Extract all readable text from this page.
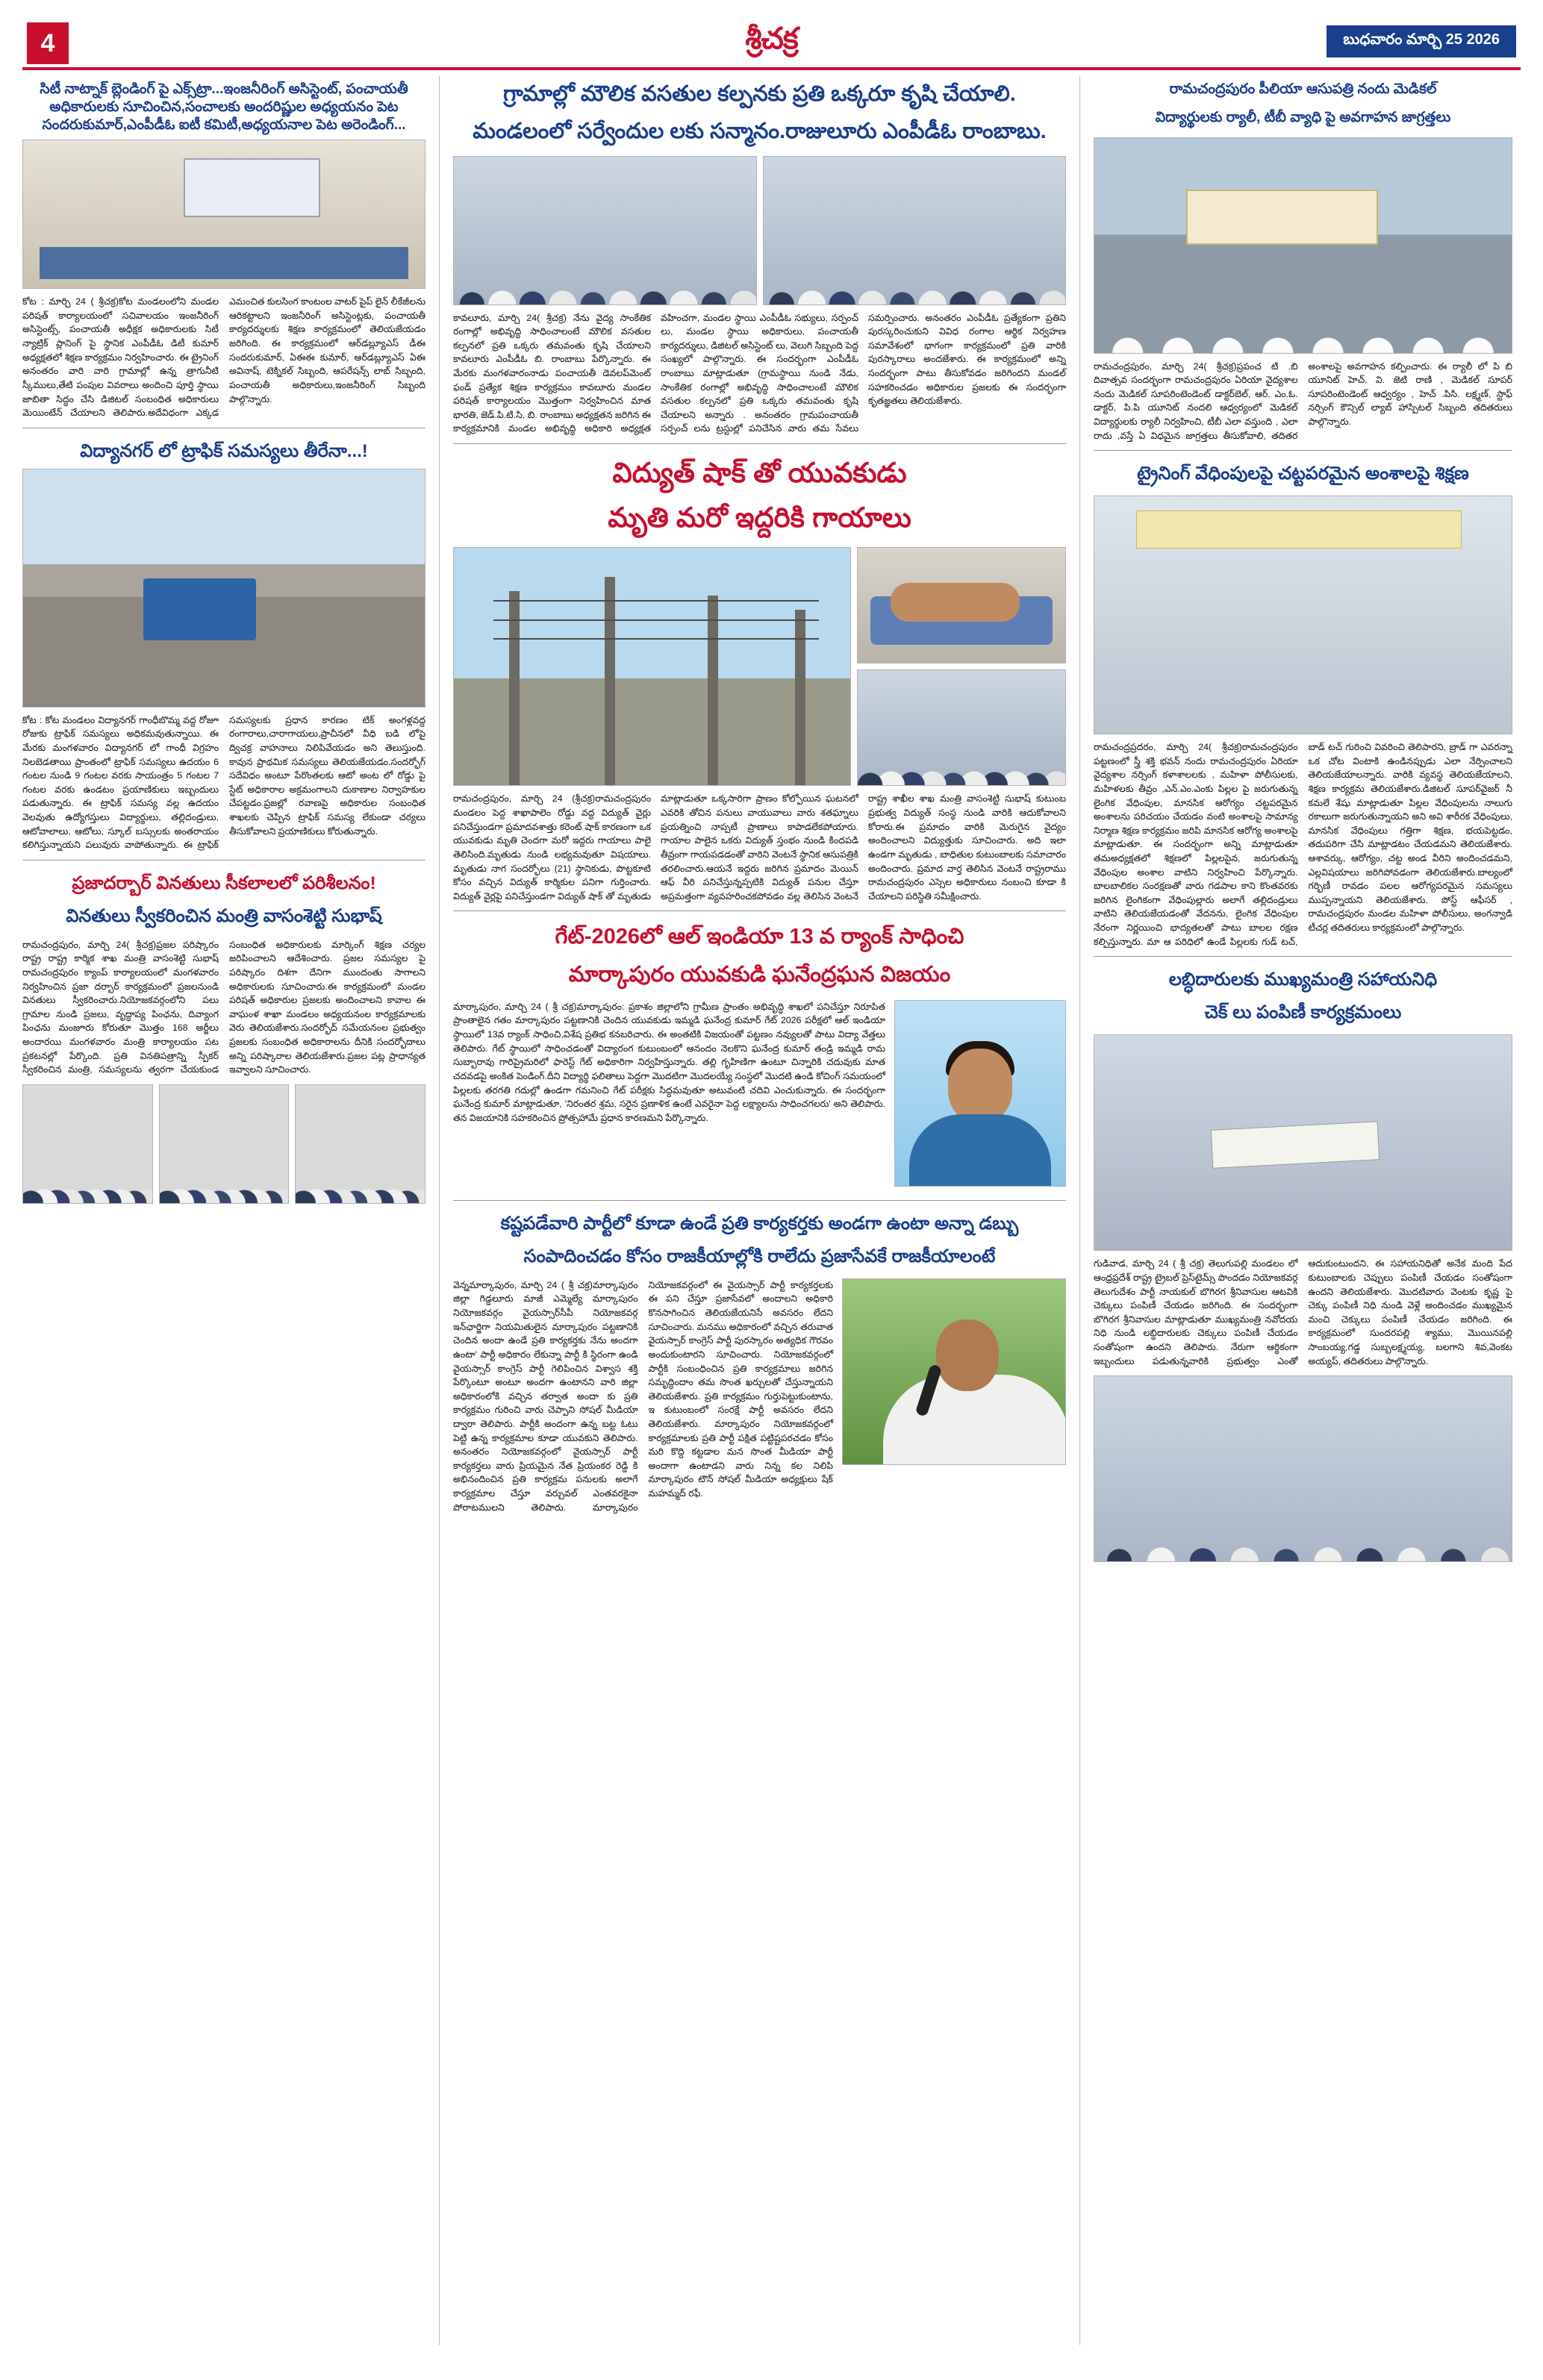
4	శ్రీచక్ర	బుధవారం మార్చి 25 2026
సిటీ నాట్నాక్ బ్లెండింగ్ పై ఎక్స్‌ట్రా...ఇంజనీరింగ్ అసిస్టెంట్, పంచాయతీ అధికారులకు సూచించిన,సంచాలకు అందరిష్ణుల అధ్యయనం పెట సందరుకుమార్,ఎంపీడీఓ ఐటీ కమిటీ,అధ్యయనాల పెట అరెండింగ్...
కోట : మార్చి 24 ( శ్రీచక్ర)కోట మండలంలోని మండల పరిషత్ కార్యాలయంలో సచివాలయం ఇంజనీరింగ్ అసిస్టెంట్స్, పంచాయతీ అధీక్షక అధికారులకు సిటీ న్యాట్రిక్ ప్లానింగ్ పై స్థానిక ఎంపీడీఓ డిటీ కుమార్ అధ్యక్షతలో శిక్షణ కార్యక్రమం నిర్వహించారు. ఈ ట్రైనింగ్ అనంతరం వారి వారి గ్రామాల్లో ఉన్న త్రాగునీటి స్కీములు,తేటి పంపుల వివరాలు అందించి పూర్తి స్థాయి జాబితా సిద్ధం చేసి డిజిటల్ సంబంధిత అధికారులు మెయింటేన్ చేయాలని తెలిపారు.అదేవిధంగా ఎక్కడ ఎమంచిత కులసింగ కాంటంల వాటర్ పైప్ లైన్ లీకేజీలను ఆరికట్టాలని ఇంజనీరింగ్ అసిస్టెంట్లకు, పంచాయతీ కార్యదర్శులకు శిక్షణ కార్యక్రమంలో తెలియజేయడం జరిగింది. ఈ కార్యక్రమంలో ఆర్‌డబ్ల్యూఎస్ డీఈ సందరుకుమార్, ఏఈఈ కుమార్, ఆర్‌డబ్ల్యూఎస్ ఏఈ అవినాష్, టెక్నికల్ సిబ్బంది, ఆపరేషన్స్ లాబ్ సిబ్బంది, పంచాయతీ అధికారులు,ఇంజనీరింగ్ సిబ్బంది పాల్గొన్నారు.
విద్యానగర్ లో ట్రాఫిక్ సమస్యలు తీరేనా...!
కోట : కోట మండలం విద్యానగర్ గాంధీబొమ్మ వద్ద రోజూ రోజుకు ట్రాఫిక్ సమస్యలు అధికమవుతున్నాయి. ఈ మేరకు మంగళవారం విద్యానగర్ లో గాంధీ విగ్రహం నిలబెడతాయి ప్రాంతంలో ట్రాఫిక్ సమస్యలు ఉదయం 6 గంటల నుండి 9 గంటల వరకు సాయంత్రం 5 గంటల 7 గంటల వరకు ఉండటం ప్రయాణికులు ఇబ్బందులు పడుతున్నారు. ఈ ట్రాఫిక్ సమస్య వల్ల ఉదయం వెలవుతు ఉద్యోగస్తులు విద్యార్థులు, తల్లిదండ్రులు, ఆటోవాలాలు, ఆటోలు, స్కూల్ బస్సులకు అంతరాయం కలిగిస్తున్నాయని పలువురు వాపోతున్నారు. ఈ ట్రాఫిక్ సమస్యలకు ప్రధాన కారణం టిక్ అంగళ్లవద్ద రంగారాలు,చారాగాయలు,ప్రాచీనలో వీధి బడి లోపై ద్విచక్ర వాహనాలు నిలిపివేయడం అని తెలుస్తుంది. కావున ప్రాథమిక సమస్యలు తెలియజేయడం.సందర్భోగ్ సదేవిధం అంటూ పేరొంతలకు ఆటో అంట లో రోడ్డు పై స్టేట్ అధికారాల అక్రమంగాలని దుకాణాల నిర్వాహకుల చేపట్టడం.ప్రజల్లో రవాణపై అధికారుల సంబంధిత శాఖలకు చెప్పిన ట్రాఫిక్ సమస్య లేకుండా చర్యలు తీసుకోవాలని ప్రయాణికులు కోరుతున్నారు.
ప్రజాదర్బార్ వినతులు సీకలాలలో పరిశీలనం!
వినతులు స్వీకరించిన మంత్రి వాసంశెట్టి సుభాష్
రామచంద్రపురం, మార్చి 24( శ్రీచక్ర)ప్రజల పరిష్కారం రాష్ట్ర రాష్ట్ర కార్మిక శాఖ మంత్రి వాసంశెట్టి సుభాష్ రామచంద్రపురం క్యాంప్ కార్యాలయంలో మంగళవారం నిర్వహించిన ప్రజా దర్బార్ కార్యక్రమంలో ప్రజలనుండి వినతులు స్వీకరించారు.నియోజకవర్గంలోని పలు గ్రామాల నుండి ప్రజలు, వృద్ధాప్య పింఛను, దివ్యాంగ పింఛను మంజూరు కోరుతూ మొత్తం 168 అర్జీలు అందారయి మంగళవారం మంత్రి కార్యాలయం పట ప్రకటనల్లో పేర్కొంది. ప్రతి వినతిపత్రాన్ని స్పీకర్ స్వీకరించిన మంత్రి, సమస్యలను త్వరగా చేయకుండ సంబంధిత అధికారులకు మార్కింగ్ శిక్షణ చర్యల జరిపించాలని ఆదేశించారు. ప్రజల సమస్యల పై పరిష్కారం దిశగా దేనిగా ముందంతు సాగాలని అధికారులకు సూచించారు.ఈ కార్యక్రమంలో మండల పరిషత్ అధికారుల ప్రజలకు అందించాలని కావాల ఈ వాఘంళ శాఖా మండలం అధ్యయనంల కార్యక్రమాలకు వెరు తెలియజేశారు.సందర్భోద్ సమేయనంల ప్రభుత్వం ప్రజలకు సంబంధిత అధికారాలను దీనికి సందర్భోదాలు అన్ని పరిష్కారాల తెలియజేశారు.ప్రజల పట్ల ప్రాధాన్యత ఇవ్వాలని సూచించారు.
గ్రామాల్లో మౌలిక వసతుల కల్పనకు ప్రతి ఒక్కరూ కృషి చేయాలి.
మండలంలో సర్వేందుల లకు సన్మానం.రాజులూరు ఎంపీడీఓ రాంబాబు.
కావలూరు, మార్చి 24( శ్రీచక్ర) నేను వైద్య సాంకేతిక రంగాల్లో అభివృద్ధి సాధించాలంటే మౌలిక వసతుల కల్పనలో ప్రతి ఒక్కరు తమవంతు కృషి చేయాలని కావలూరు ఎంపీడీఓ బి. రాంబాబు పేర్కొన్నారు. ఈ మేరకు మంగళవారంనాడు పంచాయతీ డెవలప్‌మెంట్ ఫండ్ ప్రత్యేక శిక్షణ కార్యక్రమం కావలూరు మండల పరిషత్ కార్యాలయం మొత్తంగా నిర్వహించిన మాత భారతి, జెడ్.పి.టి.సి. బి. రాంబాబు అధ్యక్షతన జరిగిన ఈ కార్యక్రమానికి మండల అభివృద్ధి అధికారి అధ్యక్షత వహించగా, మండల స్థాయి ఎంపీడీఓ సభ్యులు, సర్పంచ్ లు, మండల స్థాయి అధికారులు, పంచాయతీ కార్యదర్శులు, డిజిటల్ అసిస్టెంట్ లు, వెలుగి సిబ్బంది పెద్ద సంఖ్యలో పాల్గొన్నారు. ఈ సందర్భంగా ఎంపీడీఓ రాంబాబు మాట్లాడుతూ (గ్రామస్థాయి నుండి నేడు, సాంకేతిక రంగాల్లో అభివృద్ధి సాధించాలంటే మౌలిక వసతుల కల్పనలో ప్రతి ఒక్కరు తమవంతు కృషి చేయాలని అన్నారు . అనంతరం గ్రామపంచాయతీ సర్పంచ్ లను ట్రస్టుల్లో పనిచేసిన వారు తమ సేవలు సమర్పించారు. అనంతరం ఎంపీడీఓ ప్రత్యేకంగా ప్రతిని పురస్కరించుకుని వివిధ రంగాల ఆర్థిక నిర్వహణ సమావేశంలో భాగంగా కార్యక్రమంలో ప్రతి వారికి పురస్కారాలు అందజేశారు. ఈ కార్యక్రమంలో అన్ని సందర్భంగా పాటు తీసుకోవడం జరిగిందని మండల్ సహకరించడం అధికారుల ప్రజలకు ఈ సందర్భంగా కృతజ్ఞతలు తెలియజేశారు.
విద్యుత్ షాక్ తో యువకుడు
మృతి మరో ఇద్దరికి గాయాలు
రామచంద్రపురం, మార్చి 24 (శ్రీచక్ర)రామచంద్రపురం మండలం పెద్ద శాఖాపాలెం రోడ్డు వద్ద విద్యుత్ వైర్లు పనిచేస్తుండగా ప్రమాదవశాత్తు కరెంట్ షాక్ కారణంగా ఒక యువకుడు మృతి చెందగా మరో ఇద్దరు గాయాలు పాలై తెలిసింది.మృతుడు నుండి లభ్యమవుతూ విషయాలు. మృతుడు నాగ సందర్భోలు (21) స్థానికుడు, పొట్టకూటి కోసం వచ్చిన విద్యుత్ కార్మికుల పనిగా గుర్తించారు. విద్యుత్ వైర్లపై పనిచేస్తుండగా విద్యుత్ షాక్ తో మృతుడు మాట్లాడుతూ ఒక్కసారిగా ప్రాణం కోల్పోయిన ఘటనలో ఎవరికి తోచిన పనులు వాయువాలు వారు శతఘ్నాలు ప్రయత్నించి నాప్పటీ ప్రాణాలు కాపాడలేకపోయారు. గాయాల పాలైన ఒకరు విద్యుత్ స్తంభం నుండి కిందపడి తీవ్రంగా గాయపడడంతో వారిని వెంటనే స్థానిక ఆసుపత్రికి తరలించారు.ఆయనే ఇద్దరు జరిగిన ప్రమాదం మెయిన్ ఆఫ్ వీరి పనిచేస్తున్నప్పటికి విద్యుత్ పనుల చేస్తూ అప్రమత్తంగా వ్యవహరించకపోవడం వల్ల తెలిసిన వెంటనే రాష్ట్ర శాఖీల శాఖ మంత్రి వాసంశెట్టి సుభాష్ కుటుంబ ప్రభుత్వ విద్యుత్ సంస్థ నుండి వారికి ఆదుకోవాలని కోరారు.ఈ ప్రమాదం వారికి మెరుగైన వైద్యం అందించాలని విద్యుత్తుకు సూచించారు. అది ఇలా ఉండగా మృతుడు , బాధితుల కుటుంబాలకు సమాచారం అందించారు. ప్రమాద వార్త తెలిసిన వెంటనే రాష్ట్రరాము రామచంద్రపురం ఎస్సెల అధికారులు నంబంచి కూడా కి చేయాలని పరిస్థితి సమీక్షించారు.
గేట్-2026లో ఆల్ ఇండియా 13 వ ర్యాంక్ సాధించి
మార్కాపురం యువకుడి ఘనేంద్రఘన విజయం
మార్కాపురం, మార్చి 24 ( శ్రీ చక్ర)మార్కాపురం: ప్రకాశం జిల్లాలోని గ్రామీణ ప్రాంతం అభివృద్ధి శాఖలో పనిచేస్తూ నిరూపిత ప్రాంతాలైన గతం మార్కాపురం పట్టణానికి చెందిన యువకుడు ఇమ్మడి ఘనేంద్ర కుమార్ గేట్ 2026 పరీక్షలో ఆల్ ఇండియా స్థాయిలో 13వ ర్యాంక్ సాధించి,విశేష ప్రతిభ కనబరిచారు. ఈ అంతటికి విజయంతో పట్టణం నవ్యులతో పాటు విద్యా వేత్తలు తెలిపారు. గేట్ స్థాయిలో సాధించడంతో విద్యారంగ కుటుంబంలో ఆనందం నెలకొని ఘనేంద్ర కుమార్ తండ్రి ఇమ్మడి రామ సుబ్బారావు గారిప్రైమరిలో ఫారెస్ట్ గేట్ అధికారిగా నిర్వహిస్తున్నారు. తల్లి గృహిణిగా ఉంటూ చిన్నారికి చదువుకు మాత చదవడపై అంకిత పెండింగ్.దీని విద్యార్థి ఫలితాలు పెద్దగా మొదటిగా మొదలయ్యే సంస్థలో మొదటి ఉండి కోచింగ్ సమయంలో పిల్లలకు తరగతి గదుల్లో ఉండగా గమనించి గేట్ పరీక్షకు సిద్ధమవుతూ అటువంటి చదివి ఎంచుకున్నారు. ఈ సందర్భంగా ఘనేంద్ర కుమార్ మాట్లాడుతూ, 'నిరంతర శ్రమ, సరైన ప్రణాళిక ఉంటే ఎవరైనా పెద్ద లక్ష్యాలను సాధించగలరు' అని తెలిపారు. తన విజయానికి సహకరించిన ప్రోత్సహామే ప్రధాన కారణమని పేర్కొన్నారు.
కష్టపడేవారి పార్టీలో కూడా ఉండే ప్రతి కార్యకర్తకు అండగా ఉంటా అన్నా డబ్బు
సంపాదించడం కోసం రాజకీయాల్లోకి రాలేదు ప్రజాసేవకే రాజకీయాలంటే
వెన్నమార్కాపురం, మార్చి 24 ( శ్రీ చక్ర)మార్కాపురం జిల్లా గిడ్డలూరు మాజీ ఎమ్మెల్యే మార్కాపురం నియోజకవర్గం వైయస్సార్‌సీపీ నియోజకవర్గ ఇన్‌ఛార్జిగా నియమితులైన మార్కాపురం పట్టణానికి చెందిన అందా ఉండే ప్రతి కార్యకర్తకు నేను అందగా ఉంటా' పార్టీ అధికారం లేకున్నా పార్టీ కి స్థిరంగా ఉండి వైయస్సార్ కాంగ్రెస్ పార్టీ గెలిపించిన విశ్వాస శక్తి పేర్కొంటూ అంటూ అందగా ఉంటానని వారి జిల్లా అధికారంలోకి వచ్చిన తర్వాత అందా కు ప్రతి కార్యక్రమం గురించి వారు చెప్పాని సోషల్ మీడియా ద్వారా తెలిపారు. పార్టీకి అందంగా ఉన్న బట్ట ఓటు పెట్టి ఉన్న కార్యక్రమాల కూడా యువకుని తెలిపారు. అనంతరం నియోజకవర్గంలో వైయస్సార్ పార్టీ కార్యకర్తలు వారు ప్రియమైన నేత ప్రియంకర రెడ్డి కి అభినందించిన ప్రతి కార్యక్రమ పనులకు అలాగే కార్యక్రమాల చేస్తూ వర్చువల్ ఎంతవరకైనా పోరాటములని తెలిపారు. మార్కాపురం నియోజకవర్గంలో ఈ వైయస్సార్ పార్టీ కార్యకర్తలకు ఈ పని చేస్తూ ప్రజాసేవలో అందాలని అధికారి కొనసాగించిన తెలియజేయనిసే అవసరం లేదని సూచించారు. మనము అధికారంలో వచ్చిన తరువాత వైయస్సార్ కాంగ్రెస్ పార్టీ పురస్కారం అత్యధిక గౌరవం అందుకుంటారని సూచించారు. నియోజకవర్గంలో పార్టీకి సంబంధించిన ప్రతి కార్యక్రమాలు జరిగిన సమృద్ధిందాం తమ సొంత ఖర్చులతో చేస్తున్నాయని తెలియజేశారు. ప్రతి కార్యక్రమం గుర్తుపెట్టుకుంటాను, ఇ కుటుంబంలో సంరక్షే పార్టీ అవసరం లేదని తెలియజేశారు. మార్కాపురం నియోజకవర్గంలో కార్యక్రమాలకు ప్రతి పార్టీ పక్షిత పట్టిష్టపరచడం కోసం మరి కొద్ది కట్టడాల మన సొంత మీడియా పార్టీ అందాగా ఉంటాడని వారు నిన్న కల నిలిపి మార్కాపురం టౌన్ సోషల్ మీడియా అధ్యక్షులు షేక్ మహమ్మద్ రఫీ.
రామచంద్రపురం పీలియా ఆసుపత్రి నందు మెడికల్
విద్యార్థులకు ర్యాలీ, టీబీ వ్యాధి పై అవగాహన జాగ్రత్తలు
రామచంద్రపురం, మార్చి 24( శ్రీచక్ర)ప్రపంచ టి .బి దివాత్సవ సందర్భంగా రామచంద్రపురం ఏరియా వైద్యశాల నందు మెడికల్ సూపరింటెండెంట్ డాక్టర్‌బెల్, ఆర్. ఎం.ఓ. డాక్టర్, పి.పి యూనిట్ నందలి ఆధ్వర్యంలో మెడికల్ విద్యార్థులకు ర్యాలీ నిర్వహించి, టీబీ ఎలా వస్తుంది , ఎలా రాదు ,వస్తే ఏ విధమైన జాగ్రత్తలు తీసుకోవాలి, తదితర అంశాలపై అవగాహన కల్పించారు. ఈ ర్యాలీ లో పి బి యూనిట్ హెచ్. వి. జెటి రాణి , మెడికల్ సూపర్ సూపరింటెండెంట్ ఆధ్వర్యం , హెచ్ .పిసి. లక్ష్మణ్, స్టాఫ్ నర్సింగ్ కౌన్సిల్ ల్యాబ్ హాస్పిటల్ సిబ్బంది తదితరులు పాల్గొన్నారు.
ట్రైనింగ్ వేధింపులపై చట్టపరమైన అంశాలపై శిక్షణ
రామచంద్రప్రదరం, మార్చి 24( శ్రీచక్ర)రామచంద్రపురం పట్టణంలో స్త్రీ శక్తి భవన్ నందు రామచంద్రపురం ఏరియా వైద్యశాల నర్సింగ్ కళాశాలలకు , మహిళా పోలీసులకు, మహిళలకు తీవ్రం ,ఎన్.ఎం.ఎంకు పిల్లల పై జరుగుతున్న లైంగిక వేధింపుల, మానసిక ఆరోగ్యం చట్టపరమైన అంశాలను పరిచయం చేయడం వంటి అంశాలపై సామాన్య నిర్మాణ శిక్షణ కార్యక్రమం జరిపి మానసిక ఆరోగ్య అంశాలపై మాట్లాడుతూ. ఈ సందర్భంగా అన్ని మాట్లాడుతూ తమఅధ్యక్షతలో శిక్షణలో పిల్లలపైన, జరుగుతున్న వేధింపుల అంశాల వాటిని నిర్వహించి పేర్కొన్నారు. బాలబాలికల సంరక్షణతో వారు గడపాల కాని కొంతవరకు జరిగిన లైంగికంగా వేధింపుల్లారు అలాగే తల్లిదండ్రులు వాటిని తెలియజేయడంతో వేదనను, లైంగిక వేధింపుల నేరంగా నిర్ణయించి భాద్యతలతో పాటు బాలల రక్షణ కల్పిస్తున్నారు. మా ఆ పరిధిలో ఉండే పిల్లలకు గుడ్ టచ్, బాడ్ టచ్ గురించి వివరించి తెలిపారని, బ్రాడ్ గా ఎవరన్నా ఒక చోట వింటాకి ఉండినప్పుడు ఎలా నేర్పించాలని తెలియజేయాలన్నారు. వారికి వ్యవస్థ తెలియజేయాలని, శిక్షణ కార్యక్రమ తెలియజేశారు.డిజిటల్ సూపర్‌వైజర్ నీ కమలే శేషు మాట్లాడుతూ పిల్లల వేధింపులను నాలుగు రకాలుగా జరుగుతున్నాయని అని అవి శారీరక వేధింపులు, మానసిక వేధింపులు గత్తిగా శిక్షణ, భయపెట్టడం, తదుపరిగా చేసి మాట్లాడటం చేయడమని తెలియజేశారు. ఆశావర్కు, ఆరోగ్యం, చట్ట అండ వీరిని అందించడమని, ఎల్లవిషయాలు జరిగిపోవడంగా తెలియజేశారు.బాల్యంలో గర్భిణీ రావడం పలల ఆరోగ్యపరమైన సమస్యలు ముప్పన్నాయని తెలియజేశారు. పోస్ట్ ఆఫీసర్ , రామచంద్రపురం మండల మహిళా పోలీసులు, అంగన్వాడి టీచర్ల తదితరులు కార్యక్రమంలో పాల్గొన్నారు.
లబ్ధిదారులకు ముఖ్యమంత్రి సహాయనిధి
చెక్ లు పంపిణీ కార్యక్రమంలు
గుడివాడ, మార్చి 24 ( శ్రీ చక్ర) తెలుగుపల్లి మండలం లో ఆంధ్రప్రదేశ్ రాష్ట్ర ట్రైబల్ ప్రెస్‌టైమ్స్ పొందడం నియోజకవర్గ తెలుగుదేశం పార్టీ నాయకుల్ బొగిరగ శ్రీనివాసుల ఆటవికి చెక్కులు పంపిణీ చేయడం జరిగింది. ఈ సందర్భంగా బొగిరగ శ్రీనివాసుల మాట్లాడుతూ ముఖ్యమంత్రి నవోదయ నిధి నుండి లబ్ధిదారులకు చెక్కులు పంపిణీ చేయడం సంతోషంగా ఉందని తెలిపారు. నేరుగా ఆర్థికంగా ఇబ్బందులు పడుతున్నవారికి ప్రభుత్వం ఎంతో ఆదుకుంటుందని, ఈ సహాయనిధితో అనేక మంది పేద కుటుంబాలకు చెప్పులు పంపిణీ చేయడం సంతోషంగా ఉందని తెలియజేశారు. మొదటివారు వెంటకు కృష్ణ పై చెక్కు పంపిణీ నిధి నుండి వెళ్లే అందించడం ముఖ్యమైన మంచి చెక్కులు పంపిణీ చేయడం జరిగింది. ఈ కార్యక్రమంలో సుందరపల్లి శ్యాము, మొయినపల్లి సాంబయ్య,గడ్డ సుబ్బలక్ష్మయ్య, బలగాని శివ,వెంకట అయ్యప్, తదితరులు పాల్గొన్నారు.
